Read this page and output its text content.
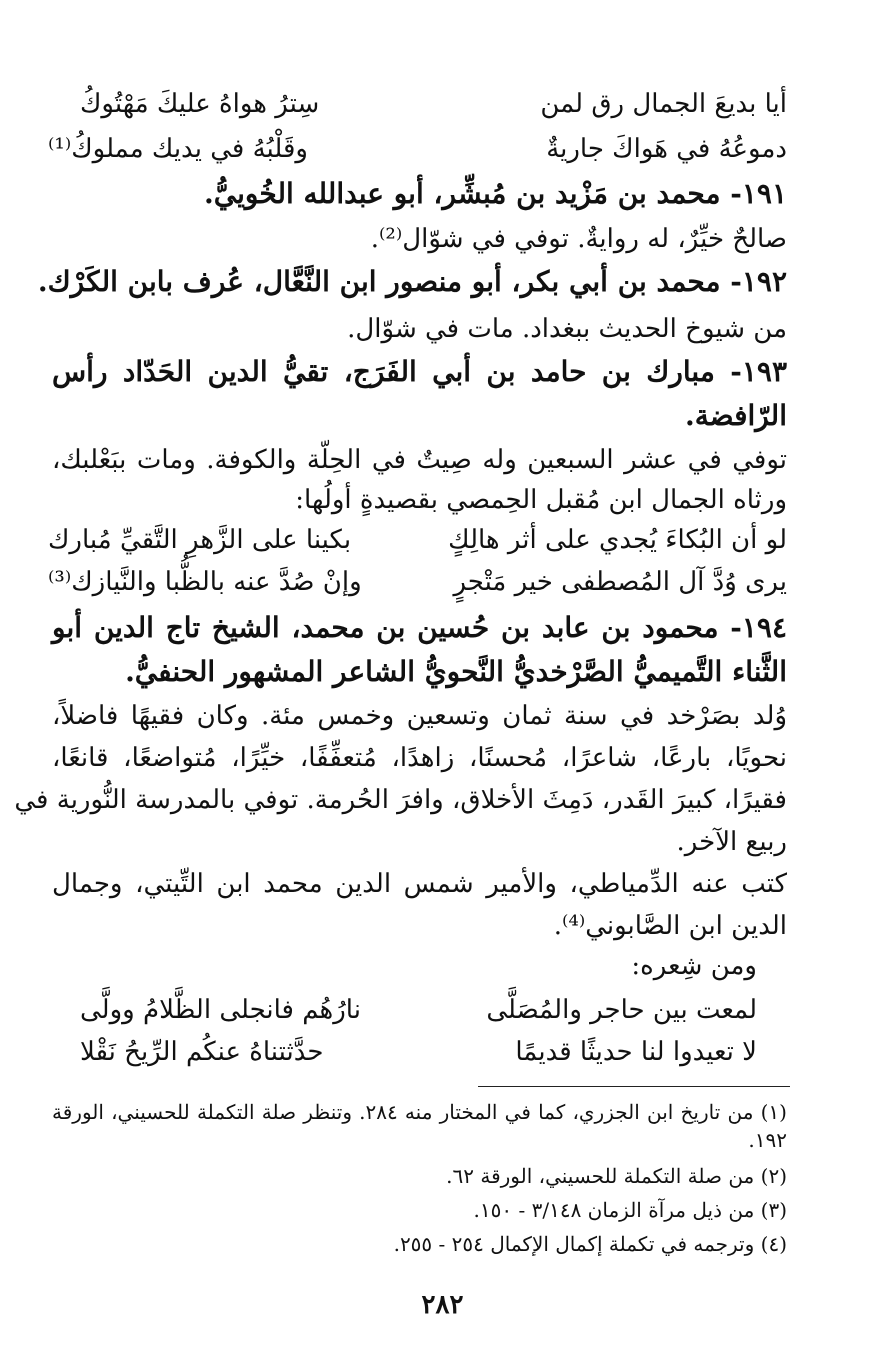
أيا بديعَ الجمال رق لمن
سِترُ هواهُ عليكَ مَهْتُوكُ
دموعُهُ في هَواكَ جاريةٌ
وقَلْبُهُ في يديك مملوكُ⁽¹⁾
١٩١- محمد بن مَزْيد بن مُبشِّر، أبو عبدالله الخُوييُّ.
صالحٌ خيِّرٌ، له روايةٌ. توفي في شوّال⁽²⁾.
١٩٢- محمد بن أبي بكر، أبو منصور ابن النَّعَّال، عُرف بابن الكَرْك.
من شيوخ الحديث ببغداد. مات في شوّال.
١٩٣- مبارك بن حامد بن أبي الفَرَج، تقيُّ الدين الحَدّاد رأس
الرّافضة.
توفي في عشر السبعين وله صِيتٌ في الحِلّة والكوفة. ومات ببَعْلبك،
ورثاه الجمال ابن مُقبل الحِمصي بقصيدةٍ أولُها:
لو أن البُكاءَ يُجدي على أثر هالِكٍ
بكينا على الزَّهرِ التَّقيِّ مُبارك
يرى وُدَّ آل المُصطفى خير مَتْجرٍ
وإنْ صُدَّ عنه بالظُّبا والنَّيازك⁽³⁾
١٩٤- محمود بن عابد بن حُسين بن محمد، الشيخ تاج الدين أبو
الثَّناء التَّميميُّ الصَّرْخديُّ النَّحويُّ الشاعر المشهور الحنفيُّ.
وُلد بصَرْخد في سنة ثمان وتسعين وخمس مئة. وكان فقيهًا فاضلاً،
نحويًا، بارعًا، شاعرًا، مُحسنًا، زاهدًا، مُتعفِّفًا، خيِّرًا، مُتواضعًا، قانعًا،
فقيرًا، كبيرَ القَدر، دَمِثَ الأخلاق، وافرَ الحُرمة. توفي بالمدرسة النُّورية في
ربيع الآخر.
كتب عنه الدِّمياطي، والأمير شمس الدين محمد ابن التِّيتي، وجمال
الدين ابن الصَّابوني⁽⁴⁾.
ومن شِعره:
لمعت بين حاجر والمُصَلَّى
نارُهُم فانجلى الظَّلامُ وولَّى
لا تعيدوا لنا حديثًا قديمًا
حدَّثتناهُ عنكُم الرِّيحُ نَقْلا
(١) من تاريخ ابن الجزري، كما في المختار منه ٢٨٤. وتنظر صلة التكملة للحسيني، الورقة ١٩٢.
(٢) من صلة التكملة للحسيني، الورقة ٦٢.
(٣) من ذيل مرآة الزمان ٣/١٤٨ - ١٥٠.
(٤) وترجمه في تكملة إكمال الإكمال ٢٥٤ - ٢٥٥.
٢٨٢
